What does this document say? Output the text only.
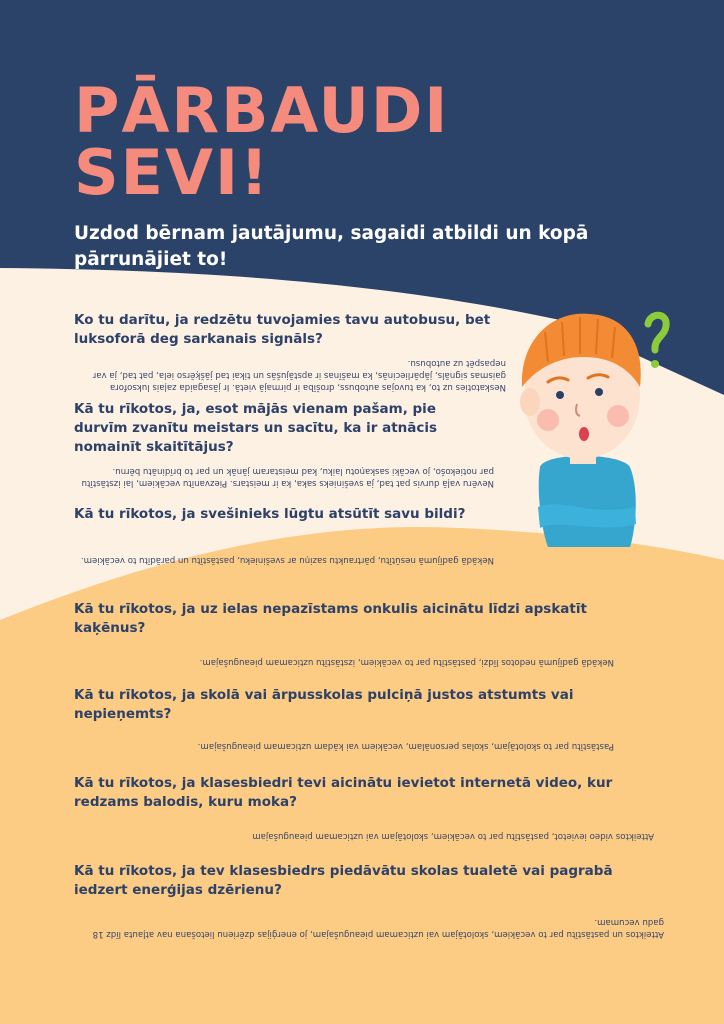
PĀRBAUDI
SEVI!
Uzdod bērnam jautājumu, sagaidi atbildi un kopā pārrunājiet to!
Ko tu darītu, ja redzētu tuvojamies tavu autobusu, bet luksoforā deg sarkanais signāls?
Neskatoties uz to, ka tuvojas autobuss, drošība ir pirmajā vietā. Ir jāsagaida zaļais luksofora gaismas signāls, jāpārliecinās, ka mašīnas ir apstājušās un tikai tad jāšķērso iela, pat tad, ja var nepaspēt uz autobusu.
Kā tu rīkotos, ja, esot mājās vienam pašam, pie durvīm zvanītu meistars un sacītu, ka ir atnācis nomainīt skaitītājus?
Nevēru vaļā durvis pat tad, ja svešinieks saka, ka ir meistars. Piezvanītu vecākiem, lai izstāstītu par notiekošo, jo vecāki saskaņotu laiku, kad meistaram jānāk un par to brīdinātu bērnu.
Kā tu rīkotos, ja svešinieks lūgtu atsūtīt savu bildi?
Nekādā gadījumā nesūtītu, pārtrauktu saziņu ar svešinieku, pastāstītu un parādītu to vecākiem.
Kā tu rīkotos, ja uz ielas nepazīstams onkulis aicinātu līdzi apskatīt kaķēnus?
Nekādā gadījumā nedotos līdzi, pastāstītu par to vecākiem, izstāstītu uzticamam pieaugušajam.
Kā tu rīkotos, ja skolā vai ārpusskolas pulciņā justos atstumts vai nepieņemts?
Pastāstītu par to skolotājam, skolas personālam, vecākiem vai kādam uzticamam pieaugušajam.
Kā tu rīkotos, ja klasesbiedri tevi aicinātu ievietot internetā video, kur redzams balodis, kuru moka?
Atteiktos video ievietot, pastāstītu par to vecākiem, skolotājam vai uzticamam pieaugušajam
Kā tu rīkotos, ja tev klasesbiedrs piedāvātu skolas tualetē vai pagrabā iedzert enerģijas dzērienu?
Atteiktos un pastāstītu par to vecākiem, skolotājam vai uzticamam pieaugušajam, jo enerģijas dzērienu lietošana nav atļauta līdz 18 gadu vecumam.
